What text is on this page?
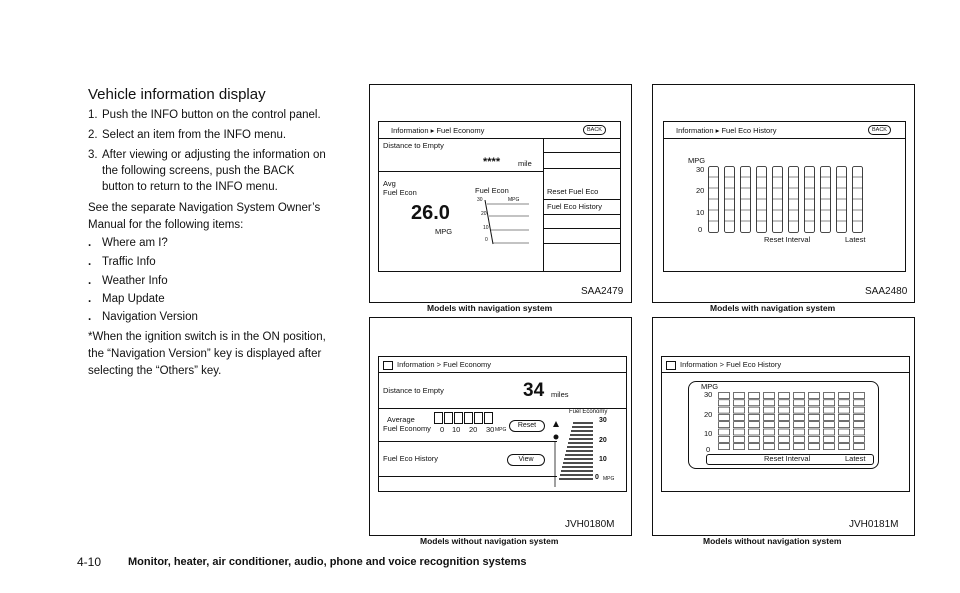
Vehicle information display
1. Push the INFO button on the control panel.
2. Select an item from the INFO menu.
3. After viewing or adjusting the information on
the following screens, push the BACK
button to return to the INFO menu.
See the separate Navigation System Owner’s
Manual for the following items:
. Where am I?
. Traffic Info
. Weather Info
. Map Update
. Navigation Version
*When the ignition switch is in the ON position,
the “Navigation Version” key is displayed after
selecting the “Others” key.
Information ▸ Fuel Economy	BACK
Distance to Empty
**** mile
Avg
Fuel Econ
26.0
MPG
Fuel Econ
MPG
30
20
10
0
Reset Fuel Eco
Fuel Eco History
SAA2479
Models with navigation system
Information ▸ Fuel Eco History	BACK
MPG
30
20
10
0
Reset Interval	Latest
SAA2480
Models with navigation system
Information > Fuel Economy
Distance to Empty	34 miles
Average
Fuel Economy 0 10 20 30 MPG
Reset
Fuel Eco History	View
Fuel Economy
30
20
10
0 MPG
JVH0180M
Models without navigation system
Information > Fuel Eco History
MPG
30
20
10
0
Reset Interval	Latest
JVH0181M
Models without navigation system
4-10 Monitor, heater, air conditioner, audio, phone and voice recognition systems
